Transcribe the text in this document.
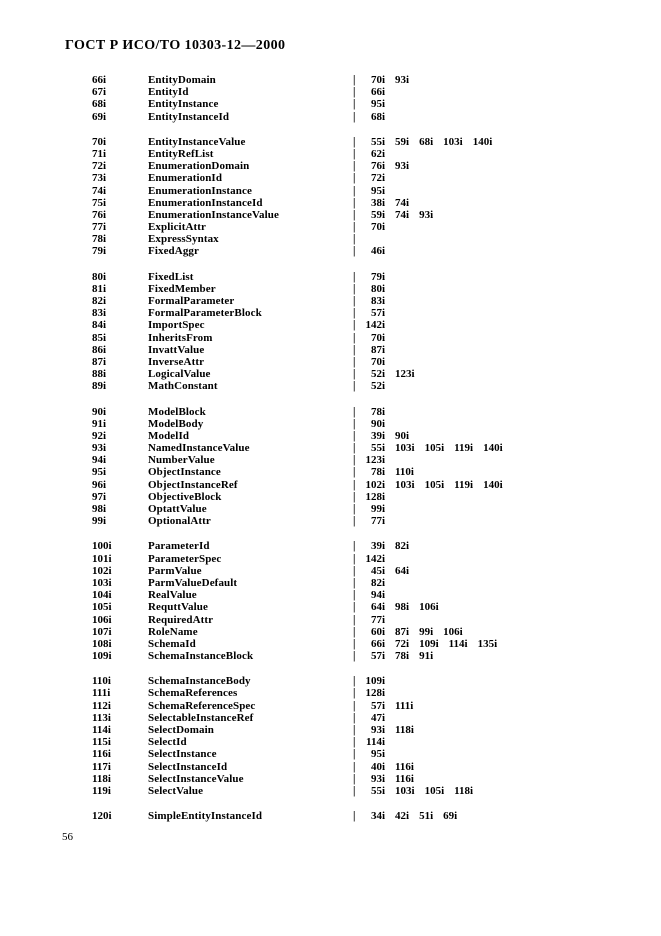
ГОСТ Р ИСО/ТО 10303-12—2000
66i	EntityDomain	|	70i 93i
67i	EntityId	|	66i
68i	EntityInstance	|	95i
69i	EntityInstanceId	|	68i
70i	EntityInstanceValue	|	55i 59i 68i 103i 140i
71i	EntityRefList	|	62i
72i	EnumerationDomain	|	76i 93i
73i	EnumerationId	|	72i
74i	EnumerationInstance	|	95i
75i	EnumerationInstanceId	|	38i 74i
76i	EnumerationInstanceValue	|	59i 74i 93i
77i	ExplicitAttr	|	70i
78i	ExpressSyntax	|
79i	FixedAggr	|	46i
80i	FixedList	|	79i
81i	FixedMember	|	80i
82i	FormalParameter	|	83i
83i	FormalParameterBlock	|	57i
84i	ImportSpec	| 142i
85i	InheritsFrom	|	70i
86i	InvattValue	|	87i
87i	InverseAttr	|	70i
88i	LogicalValue	|	52i 123i
89i	MathConstant	|	52i
90i	ModelBlock	|	78i
91i	ModelBody	|	90i
92i	ModelId	|	39i 90i
93i	NamedInstanceValue	|	55i 103i 105i 119i 140i
94i	NumberValue	| 123i
95i	ObjectInstance	|	78i 110i
96i	ObjectInstanceRef	| 102i 103i 105i 119i 140i
97i	ObjectiveBlock	| 128i
98i	OptattValue	|	99i
99i	OptionalAttr	|	77i
100i	ParameterId	|	39i 82i
101i	ParameterSpec	| 142i
102i	ParmValue	|	45i 64i
103i	ParmValueDefault	|	82i
104i	RealValue	|	94i
105i	RequttValue	|	64i 98i 106i
106i	RequiredAttr	|	77i
107i	RoleName	|	60i 87i 99i 106i
108i	SchemaId	|	66i 72i 109i 114i 135i
109i	SchemaInstanceBlock	|	57i 78i 91i
110i	SchemaInstanceBody	| 109i
111i	SchemaReferences	| 128i
112i	SchemaReferenceSpec	|	57i 111i
113i	SelectableInstanceRef	|	47i
114i	SelectDomain	|	93i 118i
115i	SelectId	| 114i
116i	SelectInstance	|	95i
117i	SelectInstanceId	|	40i 116i
118i	SelectInstanceValue	|	93i 116i
119i	SelectValue	|	55i 103i 105i 118i
120i	SimpleEntityInstanceId	|	34i 42i 51i 69i
56
